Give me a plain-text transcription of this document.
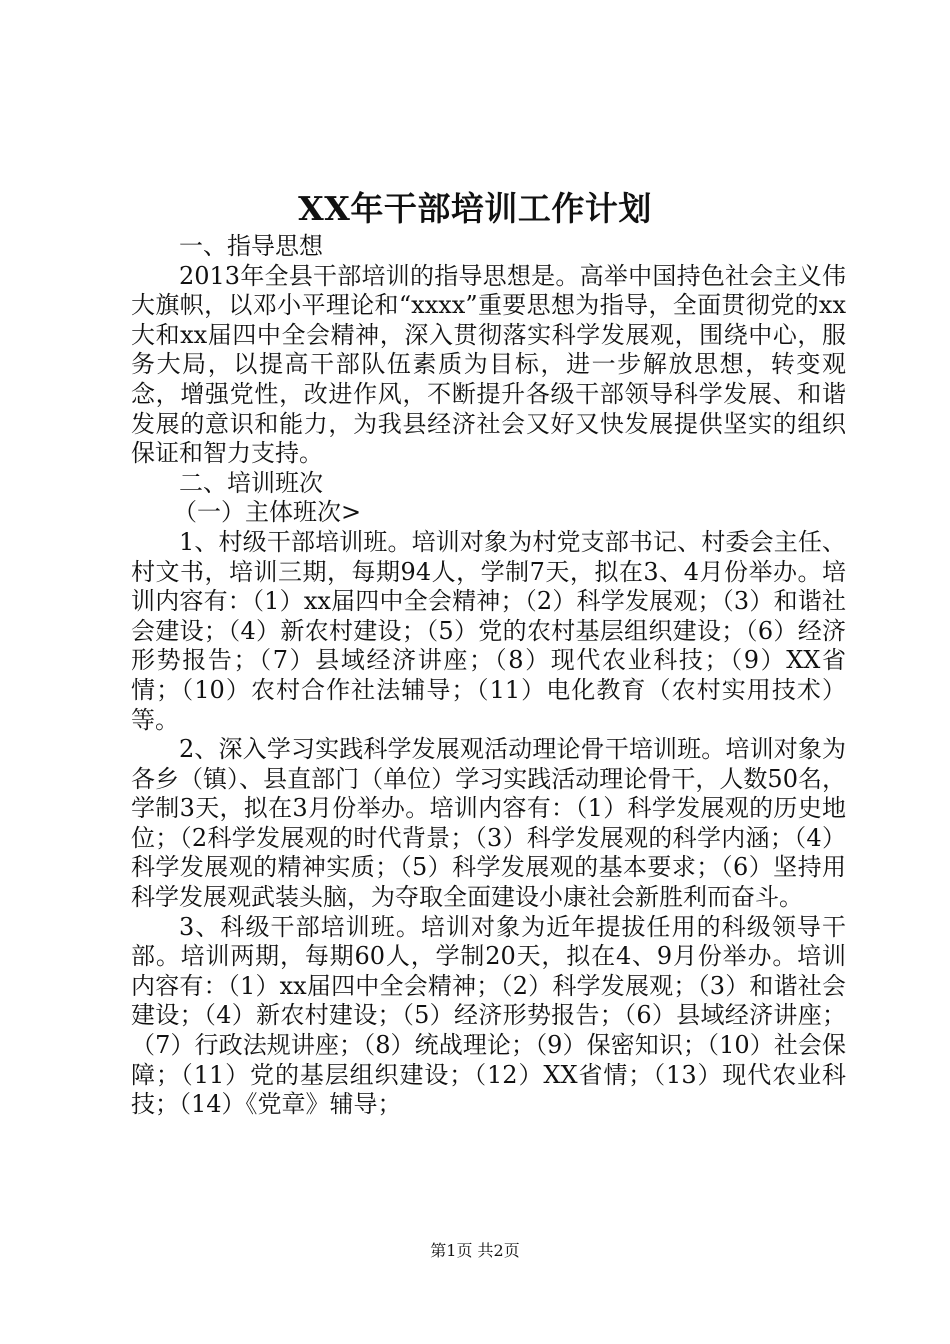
XX年干部培训工作计划

一、指导思想

2013年全县干部培训的指导思想是。高举中国持色社会主义伟大旗帜，以邓小平理论和“xxxx”重要思想为指导，全面贯彻党的xx大和xx届四中全会精神，深入贯彻落实科学发展观，围绕中心，服务大局，以提高干部队伍素质为目标，进一步解放思想，转变观念，增强党性，改进作风，不断提升各级干部领导科学发展、和谐发展的意识和能力，为我县经济社会又好又快发展提供坚实的组织保证和智力支持。

二、培训班次

（一）主体班次>

1、村级干部培训班。培训对象为村党支部书记、村委会主任、村文书，培训三期，每期94人，学制7天，拟在3、4月份举办。培训内容有：（1）xx届四中全会精神；（2）科学发展观；（3）和谐社会建设；（4）新农村建设；（5）党的农村基层组织建设；（6）经济形势报告；（7）县域经济讲座；（8）现代农业科技；（9）XX省情；（10）农村合作社法辅导；（11）电化教育（农村实用技术）等。

2、深入学习实践科学发展观活动理论骨干培训班。培训对象为各乡（镇）、县直部门（单位）学习实践活动理论骨干，人数50名，学制3天，拟在3月份举办。培训内容有：（1）科学发展观的历史地位；（2科学发展观的时代背景；（3）科学发展观的科学内涵；（4）科学发展观的精神实质；（5）科学发展观的基本要求；（6）坚持用科学发展观武装头脑，为夺取全面建设小康社会新胜利而奋斗。

3、科级干部培训班。培训对象为近年提拔任用的科级领导干部。培训两期，每期60人，学制20天，拟在4、9月份举办。培训内容有：（1）xx届四中全会精神；（2）科学发展观；（3）和谐社会建设；（4）新农村建设；（5）经济形势报告；（6）县域经济讲座；（7）行政法规讲座；（8）统战理论；（9）保密知识；（10）社会保障；（11）党的基层组织建设；（12）XX省情；（13）现代农业科技；（14）《党章》辅导；

第1页 共2页
